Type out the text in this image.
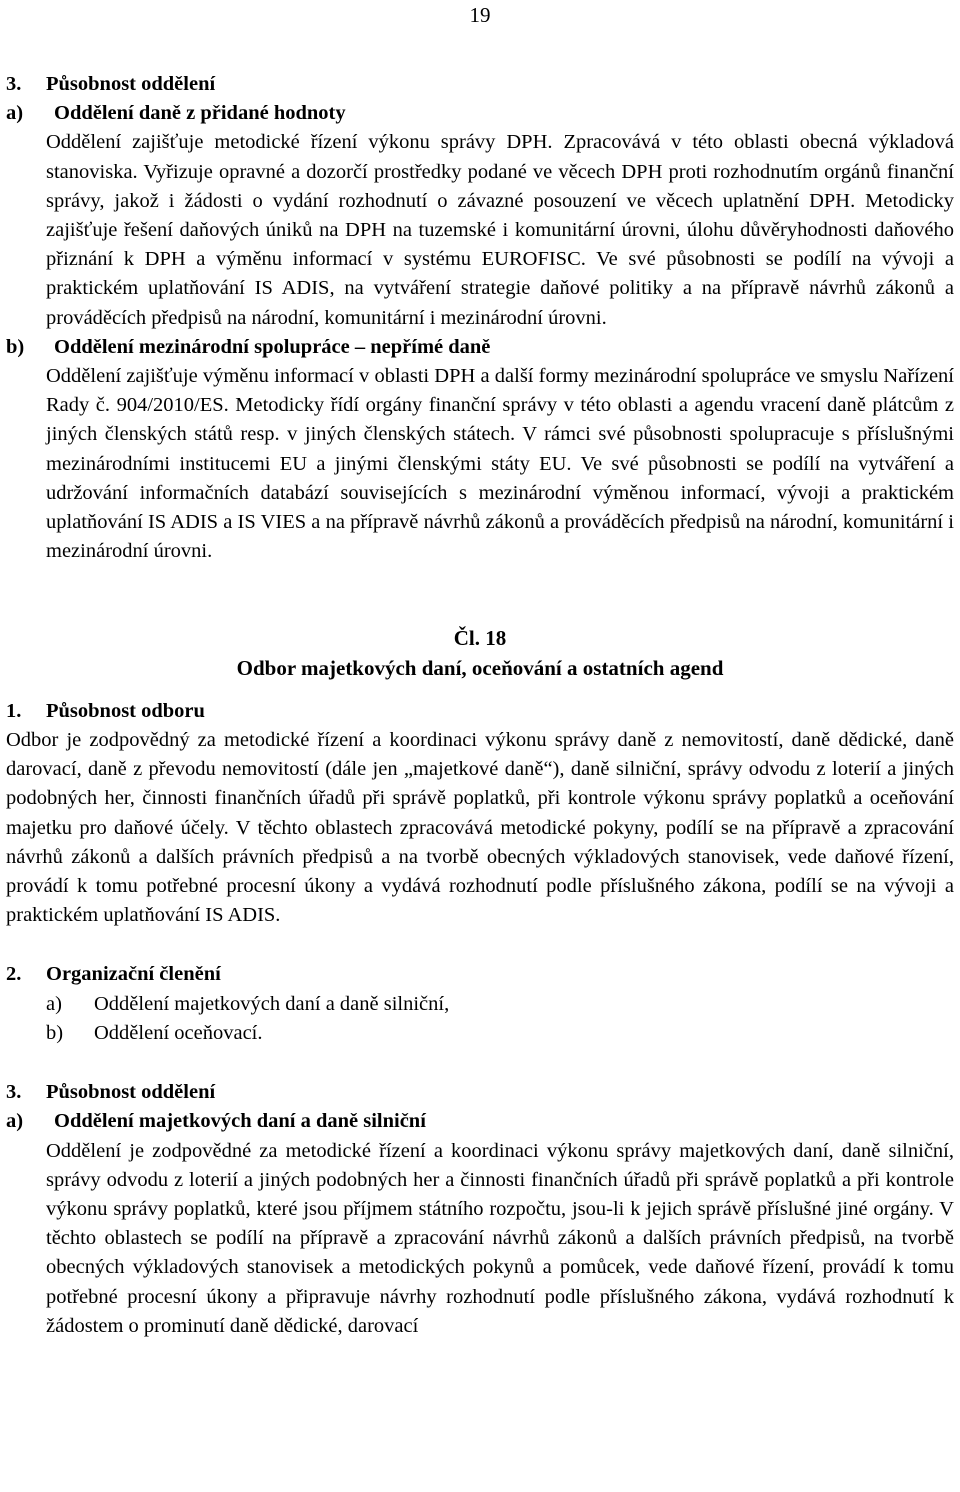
19
3.	Působnost oddělení
a)	Oddělení daně z přidané hodnoty
Oddělení zajišťuje metodické řízení výkonu správy DPH. Zpracovává v této oblasti obecná výkladová stanoviska. Vyřizuje opravné a dozorčí prostředky podané ve věcech DPH proti rozhodnutím orgánů finanční správy, jakož i žádosti o vydání rozhodnutí o závazné posouzení ve věcech uplatnění DPH. Metodicky zajišťuje řešení daňových úniků na DPH na tuzemské i komunitární úrovni, úlohu důvěryhodnosti daňového přiznání k DPH a výměnu informací v systému EUROFISC. Ve své působnosti se podílí na vývoji a praktickém uplatňování IS ADIS, na vytváření strategie daňové politiky a na přípravě návrhů zákonů a prováděcích předpisů na národní, komunitární i mezinárodní úrovni.
b)	Oddělení mezinárodní spolupráce – nepřímé daně
Oddělení zajišťuje výměnu informací v oblasti DPH a další formy mezinárodní spolupráce ve smyslu Nařízení Rady č. 904/2010/ES. Metodicky řídí orgány finanční správy v této oblasti a agendu vracení daně plátcům z jiných členských států resp. v jiných členských státech. V rámci své působnosti spolupracuje s příslušnými mezinárodními institucemi EU a jinými členskými státy EU. Ve své působnosti se podílí na vytváření a udržování informačních databází souvisejících s mezinárodní výměnou informací, vývoji a praktickém uplatňování IS ADIS a IS VIES a na přípravě návrhů zákonů a prováděcích předpisů na národní, komunitární i mezinárodní úrovni.
Čl. 18
Odbor majetkových daní, oceňování a ostatních agend
1.	Působnost odboru
Odbor je zodpovědný za metodické řízení a koordinaci výkonu správy daně z nemovitostí, daně dědické, daně darovací, daně z převodu nemovitostí (dále jen „majetkové daně“), daně silniční, správy odvodu z loterií a jiných podobných her, činnosti finančních úřadů při správě poplatků, při kontrole výkonu správy poplatků a oceňování majetku pro daňové účely. V těchto oblastech zpracovává metodické pokyny, podílí se na přípravě a zpracování návrhů zákonů a dalších právních předpisů a na tvorbě obecných výkladových stanovisek, vede daňové řízení, provádí k tomu potřebné procesní úkony a vydává rozhodnutí podle příslušného zákona, podílí se na vývoji a praktickém uplatňování IS ADIS.
2.	Organizační členění
a)	Oddělení majetkových daní a daně silniční,
b)	Oddělení oceňovací.
3.	Působnost oddělení
a)	Oddělení majetkových daní a daně silniční
Oddělení je zodpovědné za metodické řízení a koordinaci výkonu správy majetkových daní, daně silniční, správy odvodu z loterií a jiných podobných her a činnosti finančních úřadů při správě poplatků a při kontrole výkonu správy poplatků, které jsou příjmem státního rozpočtu, jsou-li k jejich správě příslušné jiné orgány. V těchto oblastech se podílí na přípravě a zpracování návrhů zákonů a dalších právních předpisů, na tvorbě obecných výkladových stanovisek a metodických pokynů a pomůcek, vede daňové řízení, provádí k tomu potřebné procesní úkony a připravuje návrhy rozhodnutí podle příslušného zákona, vydává rozhodnutí k žádostem o prominutí daně dědické, darovací
